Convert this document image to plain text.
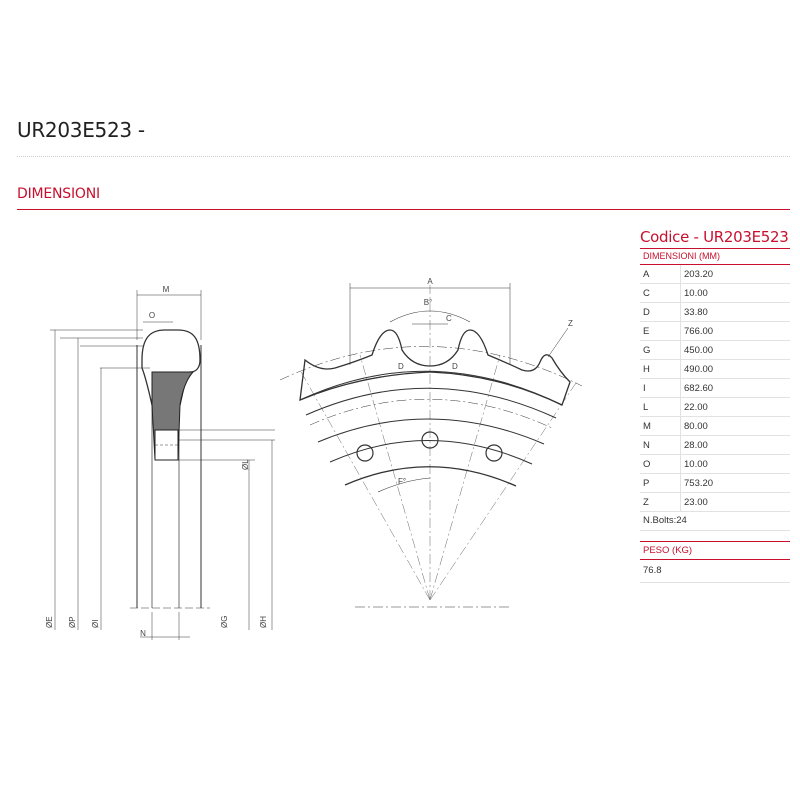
UR203E523 -
DIMENSIONI
M
O
N
ØL
ØE ØP ØI	ØG	ØH
A
B°
C
D	D
Z
F°
Codice - UR203E523
DIMENSIONI (MM)
A	203.20
C	10.00
D	33.80
E	766.00
G	450.00
H	490.00
I	682.60
L	22.00
M	80.00
N	28.00
O	10.00
P	753.20
Z	23.00
N.Bolts:24
PESO (KG)
76.8
